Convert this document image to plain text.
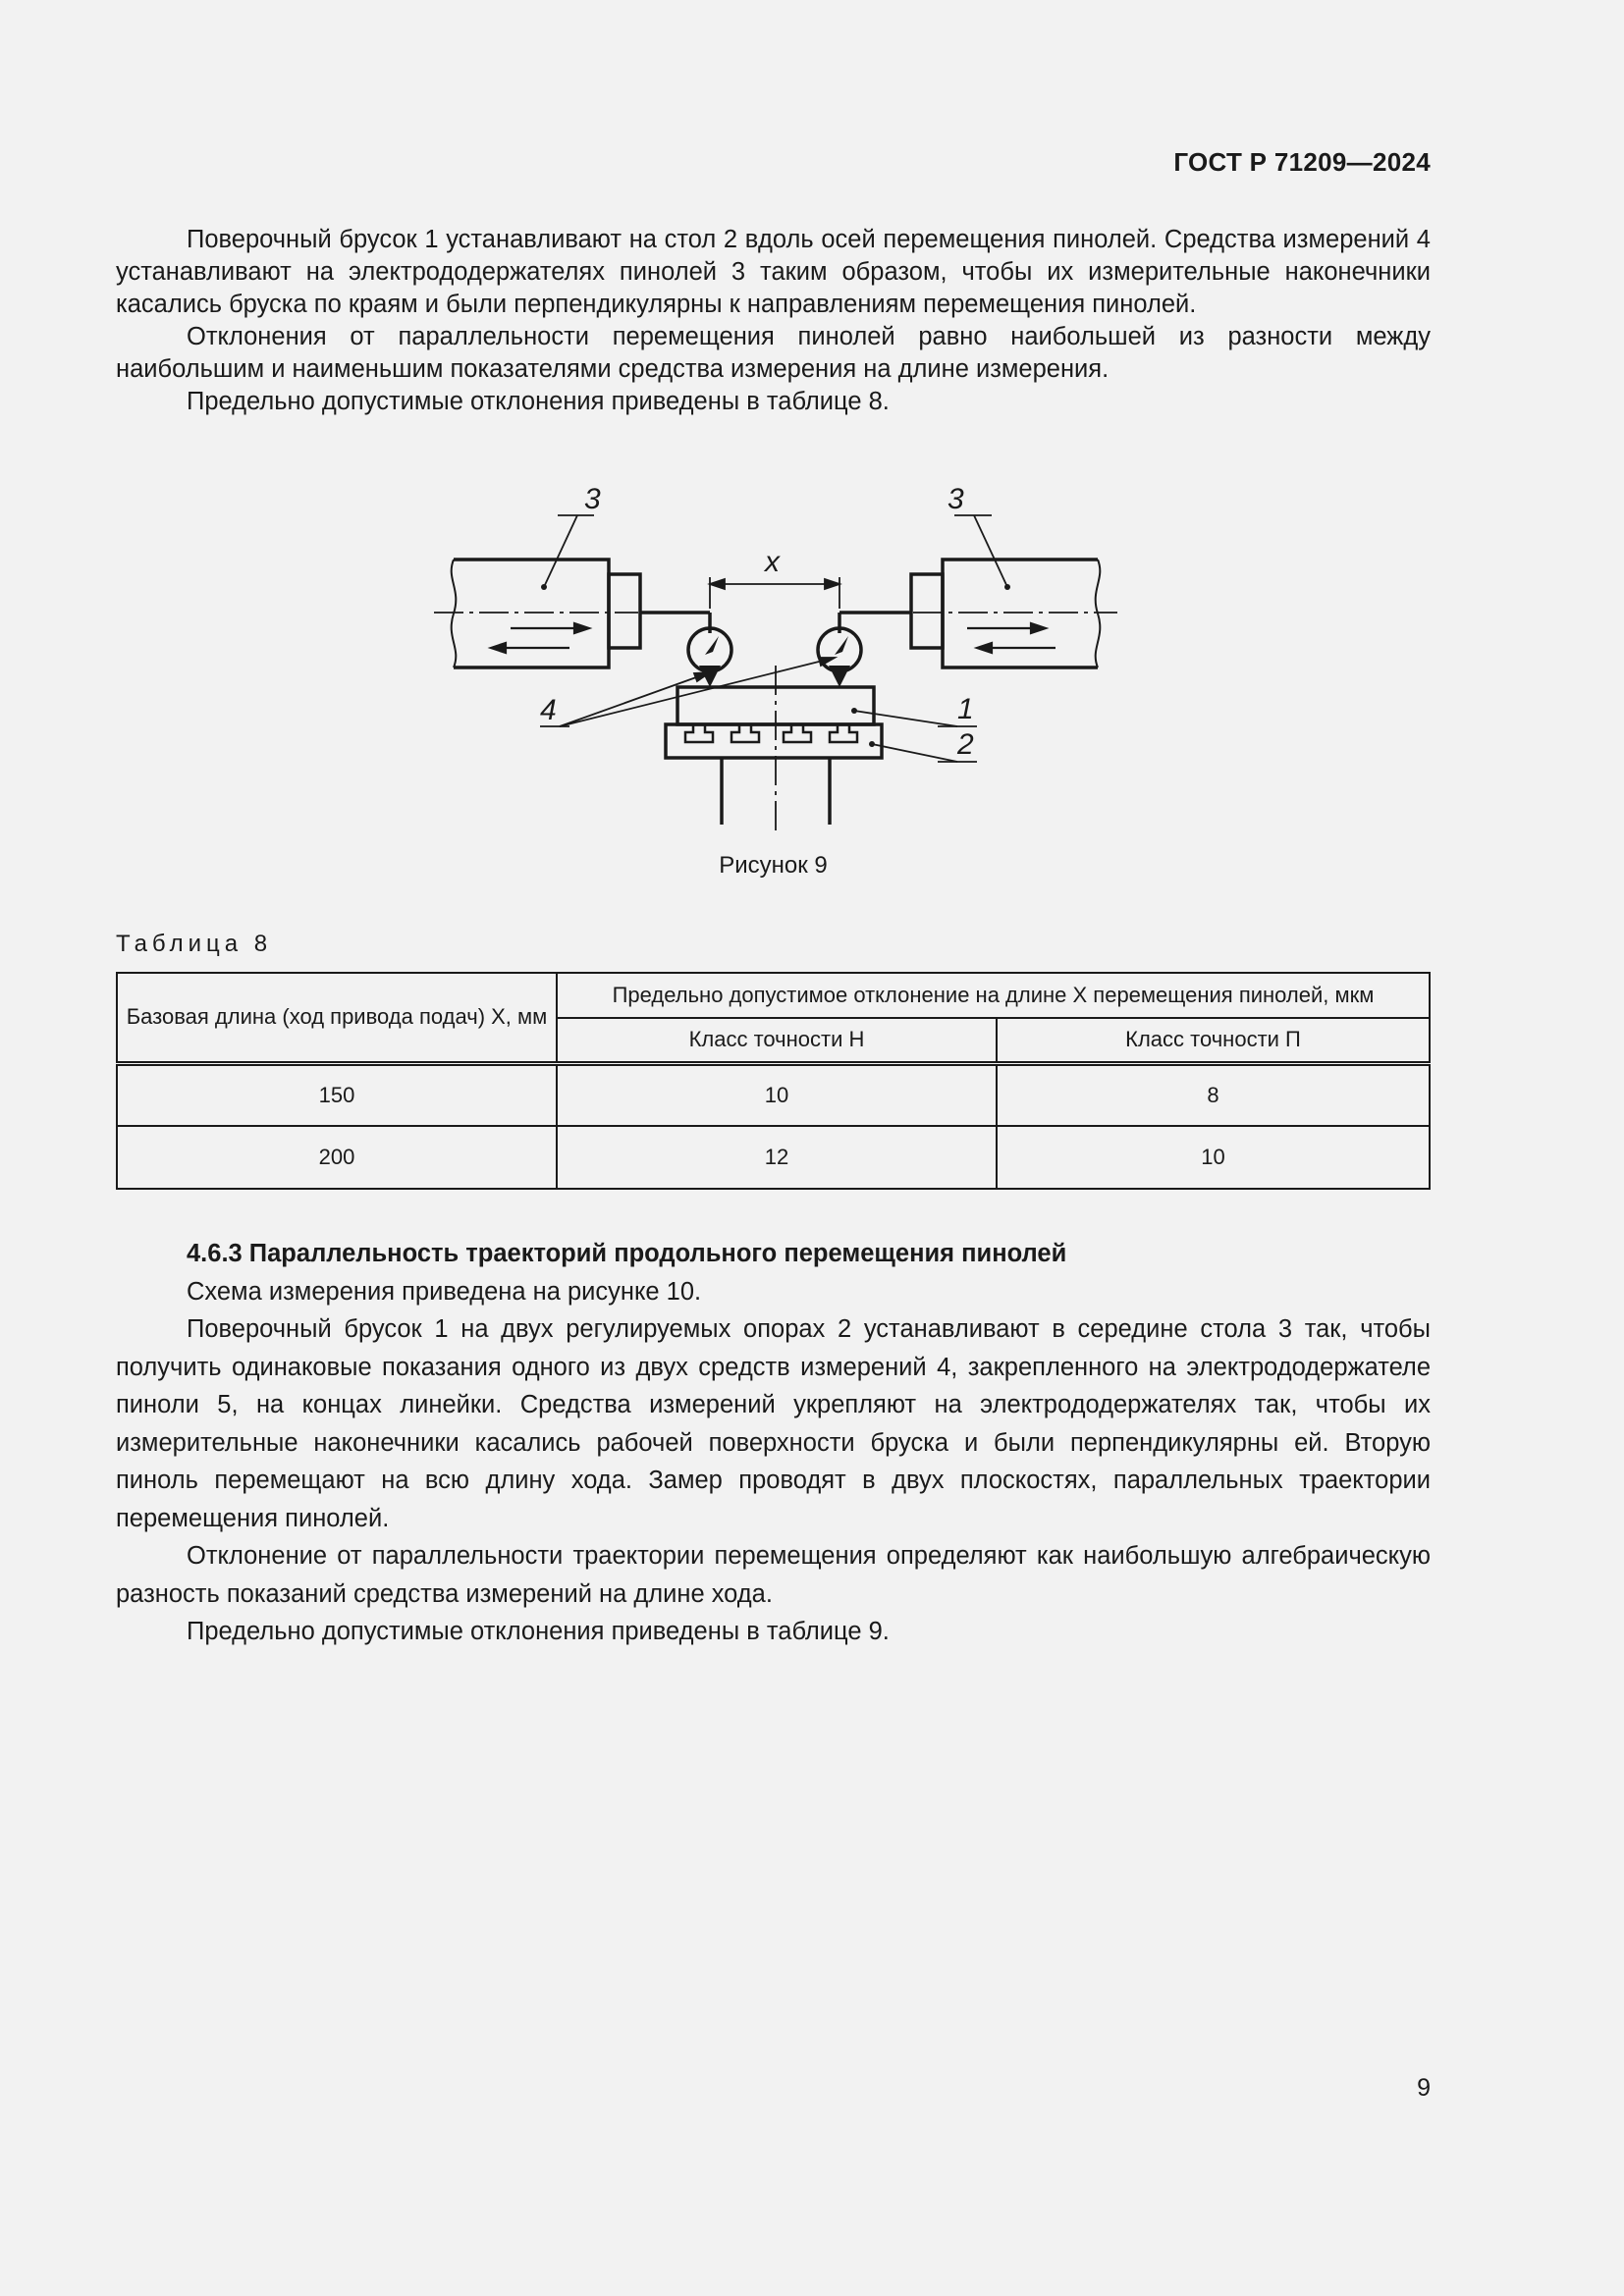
ГОСТ Р 71209—2024

Поверочный брусок 1 устанавливают на стол 2 вдоль осей перемещения пинолей. Средства измерений 4 устанавливают на электрододержателях пинолей 3 таким образом, чтобы их измерительные наконечники касались бруска по краям и были перпендикулярны к направлениям перемещения пинолей.

Отклонения от параллельности перемещения пинолей равно наибольшей из разности между наибольшим и наименьшим показателями средства измерения на длине измерения.

Предельно допустимые отклонения приведены в таблице 8.

3	3
x
4	1
2
Рисунок 9
Таблица 8
Базовая длина (ход привода подач) X, мм	Предельно допустимое отклонение на длине X перемещения пинолей, мкм	
	Класс точности Н	Класс точности П
150	10	8
200	12	10

4.6.3 Параллельность траекторий продольного перемещения пинолей

Схема измерения приведена на рисунке 10.

Поверочный брусок 1 на двух регулируемых опорах 2 устанавливают в середине стола 3 так, чтобы получить одинаковые показания одного из двух средств измерений 4, закрепленного на электрододержателе пиноли 5, на концах линейки. Средства измерений укрепляют на электрододержателях так, чтобы их измерительные наконечники касались рабочей поверхности бруска и были перпендикулярны ей. Вторую пиноль перемещают на всю длину хода. Замер проводят в двух плоскостях, параллельных траектории перемещения пинолей.

Отклонение от параллельности траектории перемещения определяют как наибольшую алгебраическую разность показаний средства измерений на длине хода.

Предельно допустимые отклонения приведены в таблице 9.

9
